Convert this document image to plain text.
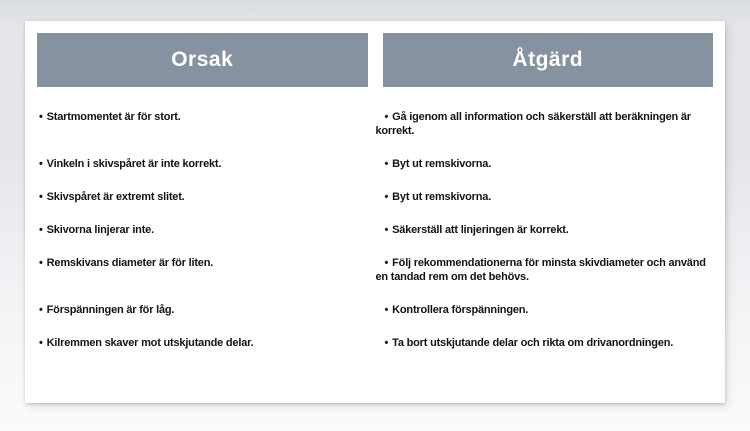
Orsak	Åtgärd

• Startmomentet är för stort.	• Gå igenom all information och säkerställ att beräkningen är korrekt.

• Vinkeln i skivspåret är inte korrekt.	• Byt ut remskivorna.

• Skivspåret är extremt slitet.	• Byt ut remskivorna.

• Skivorna linjerar inte.	• Säkerställ att linjeringen är korrekt.

• Remskivans diameter är för liten.	• Följ rekommendationerna för minsta skivdiameter och använd en tandad rem om det behövs.

• Förspänningen är för låg.	• Kontrollera förspänningen.

• Kilremmen skaver mot utskjutande delar.	• Ta bort utskjutande delar och rikta om drivanordningen.
